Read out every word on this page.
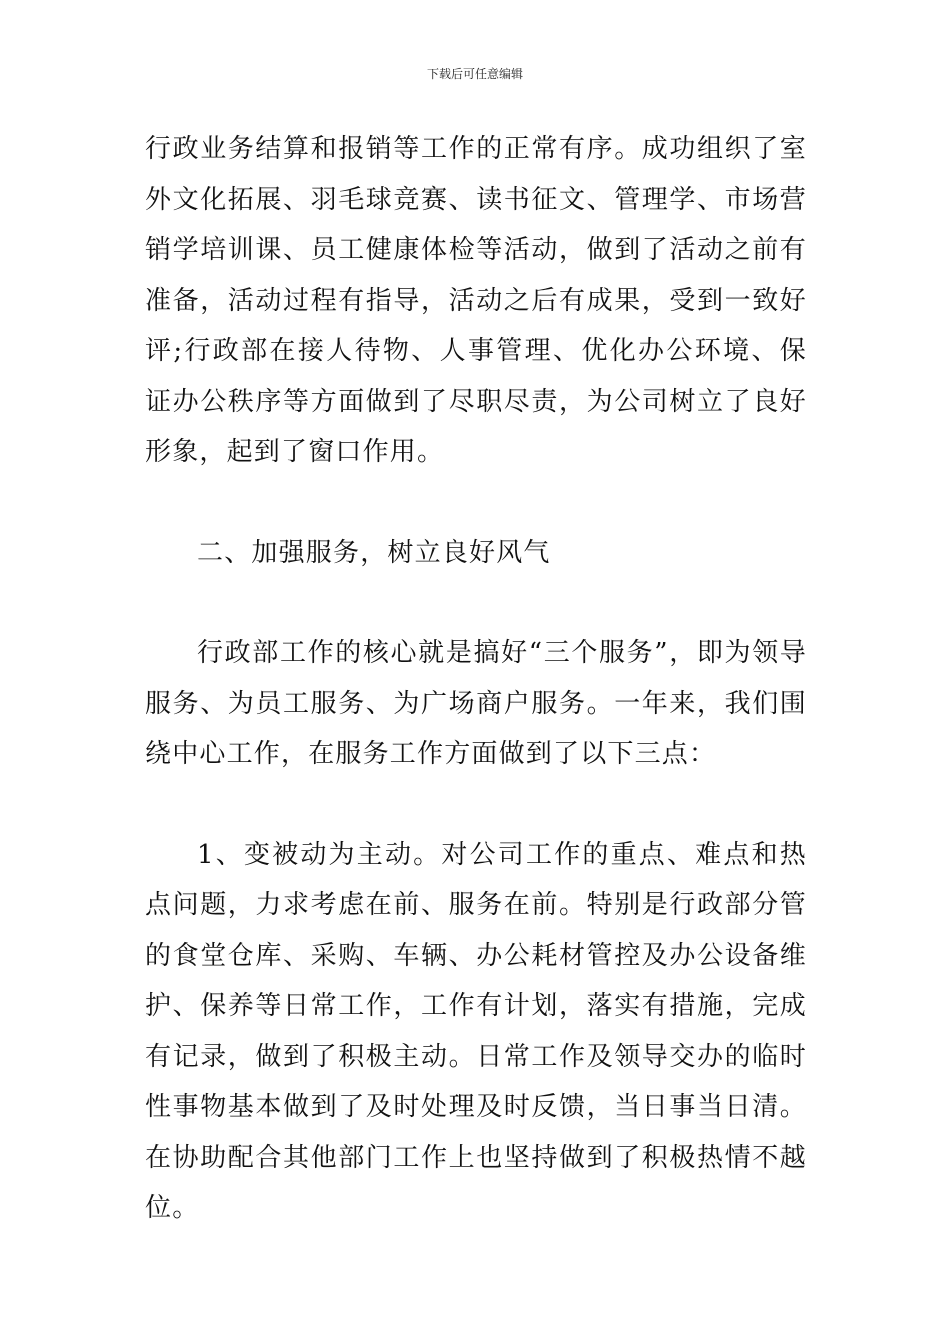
下载后可任意编辑

行政业务结算和报销等工作的正常有序。成功组织了室外文化拓展、羽毛球竞赛、读书征文、管理学、市场营销学培训课、员工健康体检等活动，做到了活动之前有准备，活动过程有指导，活动之后有成果，受到一致好评;行政部在接人待物、人事管理、优化办公环境、保证办公秩序等方面做到了尽职尽责，为公司树立了良好形象，起到了窗口作用。

二、加强服务，树立良好风气

行政部工作的核心就是搞好“三个服务”，即为领导服务、为员工服务、为广场商户服务。一年来，我们围绕中心工作，在服务工作方面做到了以下三点：

1、变被动为主动。对公司工作的重点、难点和热点问题，力求考虑在前、服务在前。特别是行政部分管的食堂仓库、采购、车辆、办公耗材管控及办公设备维护、保养等日常工作，工作有计划，落实有措施，完成有记录，做到了积极主动。日常工作及领导交办的临时性事物基本做到了及时处理及时反馈，当日事当日清。在协助配合其他部门工作上也坚持做到了积极热情不越位。
